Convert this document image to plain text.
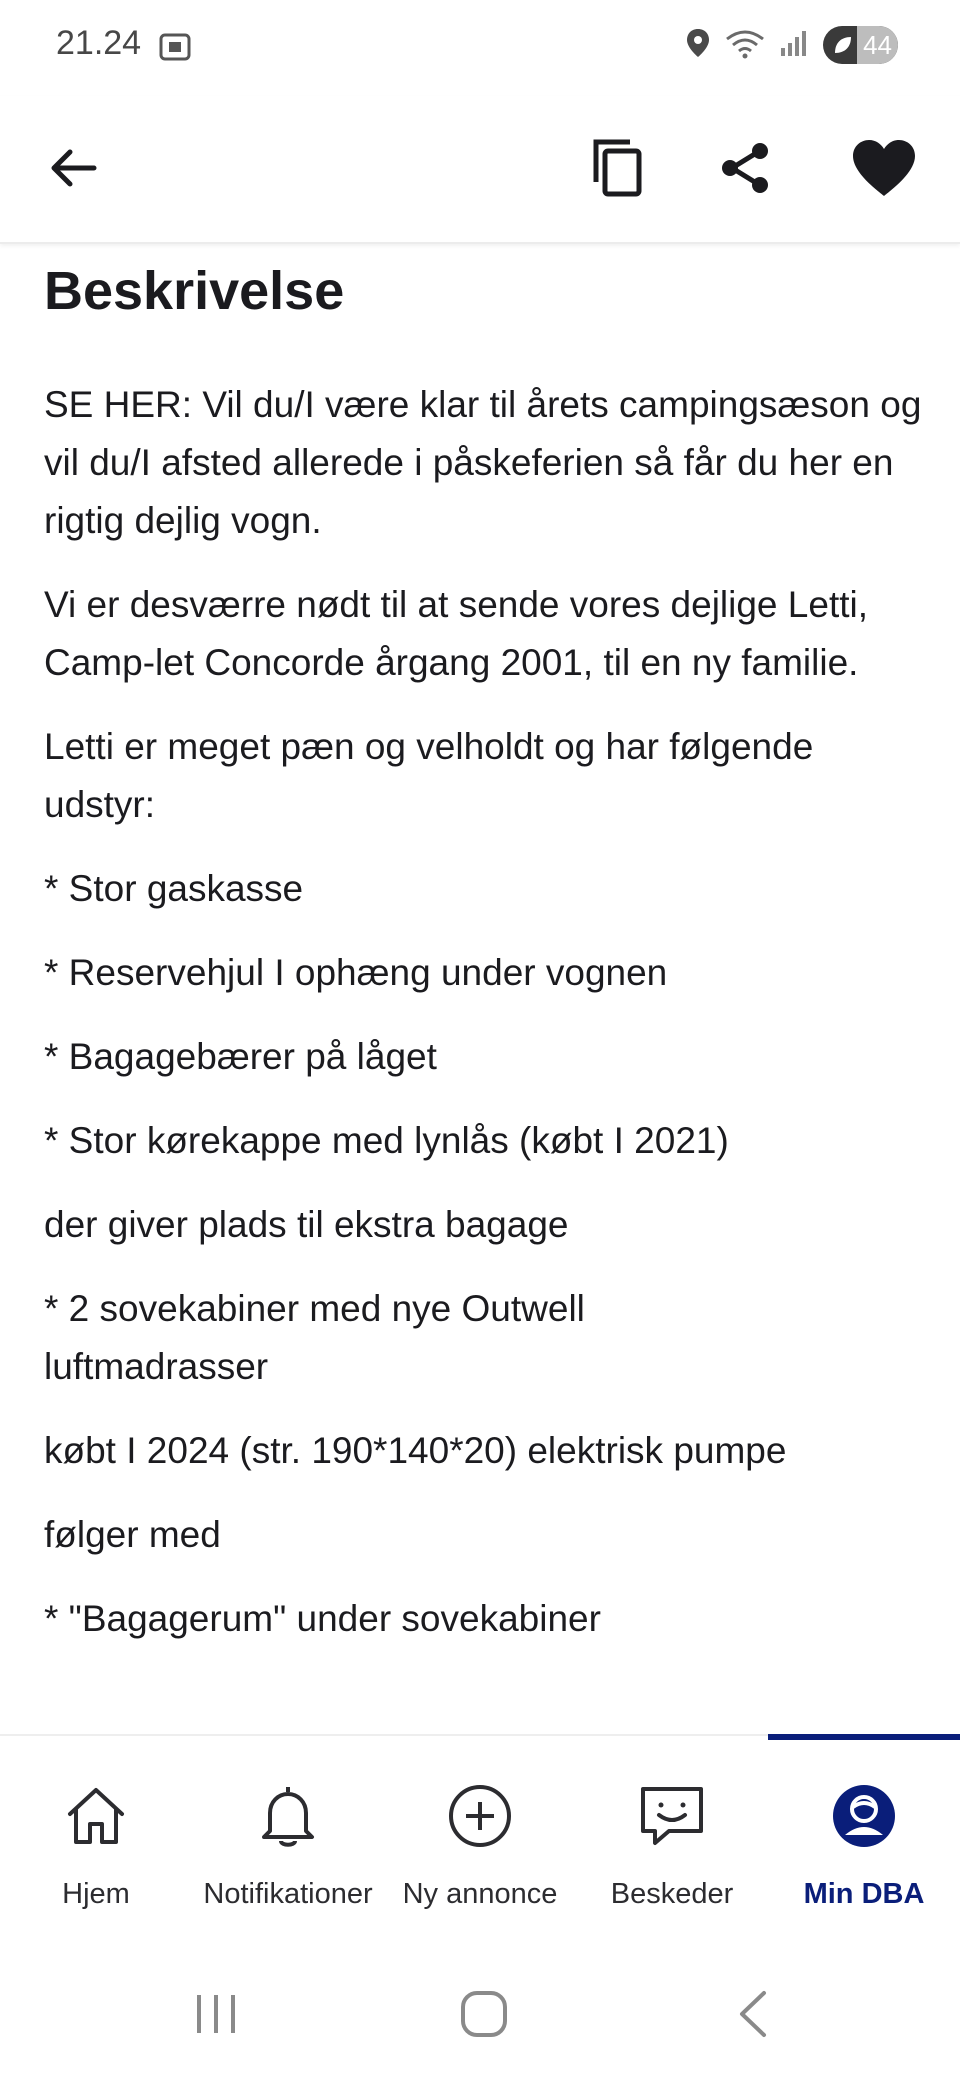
21.24	44
Beskrivelse

SE HER: Vil du/I være klar til årets campingsæson og vil du/I afsted allerede i påskeferien så får du her en rigtig dejlig vogn.

Vi er desværre nødt til at sende vores dejlige Letti, Camp-let Concorde årgang 2001, til en ny familie.

Letti er meget pæn og velholdt og har følgende udstyr:

* Stor gaskasse

* Reservehjul I ophæng under vognen

* Bagagebærer på låget

* Stor kørekappe med lynlås (købt I 2021)

der giver plads til ekstra bagage

* 2 sovekabiner med nye Outwell luftmadrasser

købt I 2024 (str. 190*140*20) elektrisk pumpe

følger med

* "Bagagerum" under sovekabiner

Hjem	Notifikationer	Ny annonce	Beskeder	Min DBA
